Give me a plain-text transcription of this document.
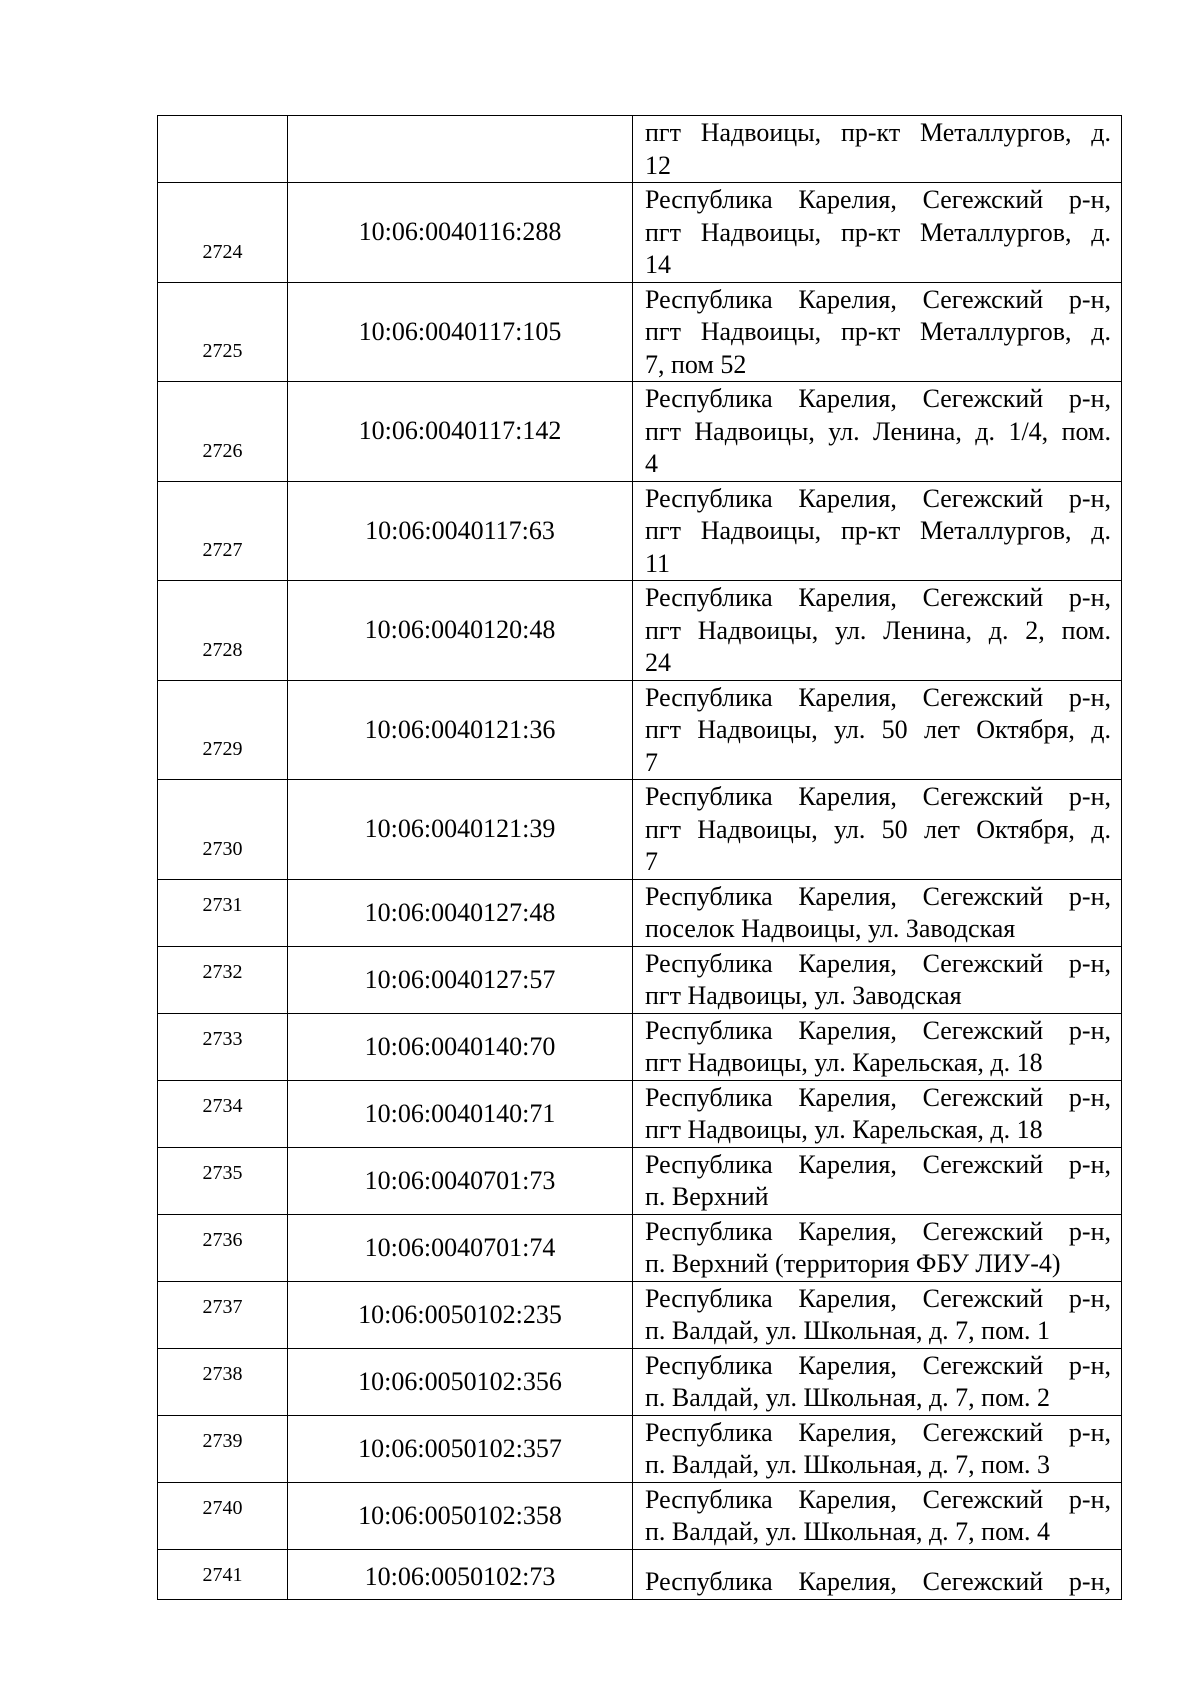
		пгт Надвоицы, пр-кт Металлургов, д.
12

2724	10:06:0040116:288	Республика Карелия, Сегежский р-н,
пгт Надвоицы, пр-кт Металлургов, д.
14

2725	10:06:0040117:105	Республика Карелия, Сегежский р-н,
пгт Надвоицы, пр-кт Металлургов, д.
7, пом 52

2726	10:06:0040117:142	Республика Карелия, Сегежский р-н,
пгт Надвоицы, ул. Ленина, д. 1/4, пом.
4

2727	10:06:0040117:63	Республика Карелия, Сегежский р-н,
пгт Надвоицы, пр-кт Металлургов, д.
11

2728	10:06:0040120:48	Республика Карелия, Сегежский р-н,
пгт Надвоицы, ул. Ленина, д. 2, пом.
24

2729	10:06:0040121:36	Республика Карелия, Сегежский р-н,
пгт Надвоицы, ул. 50 лет Октября, д.
7

2730	10:06:0040121:39	Республика Карелия, Сегежский р-н,
пгт Надвоицы, ул. 50 лет Октября, д.
7

2731	10:06:0040127:48	Республика Карелия, Сегежский р-н,
поселок Надвоицы, ул. Заводская

2732	10:06:0040127:57	Республика Карелия, Сегежский р-н,
пгт Надвоицы, ул. Заводская

2733	10:06:0040140:70	Республика Карелия, Сегежский р-н,
пгт Надвоицы, ул. Карельская, д. 18

2734	10:06:0040140:71	Республика Карелия, Сегежский р-н,
пгт Надвоицы, ул. Карельская, д. 18

2735	10:06:0040701:73	Республика Карелия, Сегежский р-н,
п. Верхний

2736	10:06:0040701:74	Республика Карелия, Сегежский р-н,
п. Верхний (территория ФБУ ЛИУ-4)

2737	10:06:0050102:235	Республика Карелия, Сегежский р-н,
п. Валдай, ул. Школьная, д. 7, пом. 1

2738	10:06:0050102:356	Республика Карелия, Сегежский р-н,
п. Валдай, ул. Школьная, д. 7, пом. 2

2739	10:06:0050102:357	Республика Карелия, Сегежский р-н,
п. Валдай, ул. Школьная, д. 7, пом. 3

2740	10:06:0050102:358	Республика Карелия, Сегежский р-н,
п. Валдай, ул. Школьная, д. 7, пом. 4

2741	10:06:0050102:73	Республика Карелия, Сегежский р-н,
